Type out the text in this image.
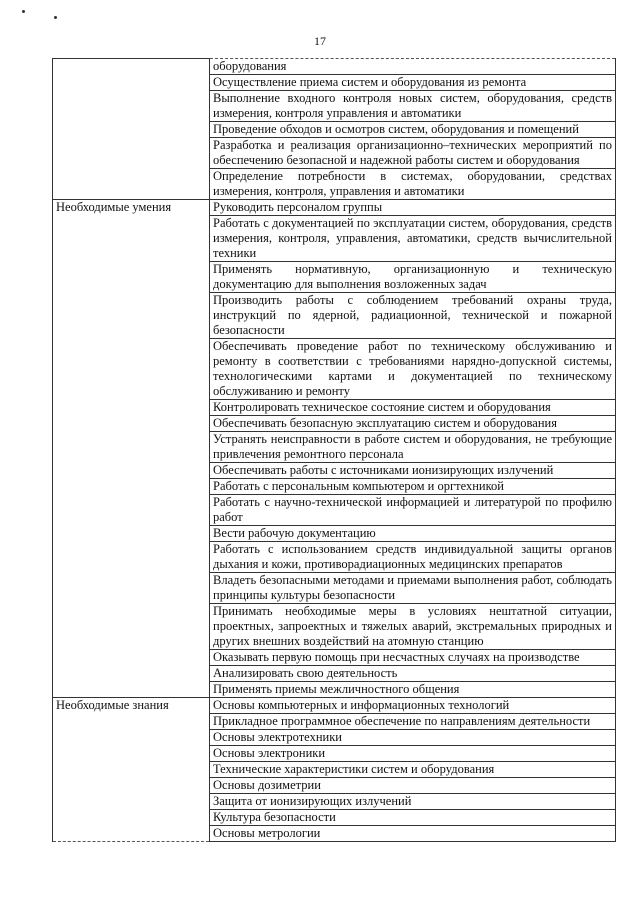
17
	оборудования
	Осуществление приема систем и оборудования из ремонта
	Выполнение входного контроля новых систем, оборудования, средств измерения, контроля управления и автоматики
	Проведение обходов и осмотров систем, оборудования и помещений
	Разработка и реализация организационно–технических мероприятий по обеспечению безопасной и надежной работы систем и оборудования
	Определение потребности в системах, оборудовании, средствах измерения, контроля, управления и автоматики
Необходимые умения	Руководить персоналом группы
	Работать с документацией по эксплуатации систем, оборудования, средств измерения, контроля, управления, автоматики, средств вычислительной техники
	Применять нормативную, организационную и техническую документацию для выполнения возложенных задач
	Производить работы с соблюдением требований охраны труда, инструкций по ядерной, радиационной, технической и пожарной безопасности
	Обеспечивать проведение работ по техническому обслуживанию и ремонту в соответствии с требованиями нарядно-допускной системы, технологическими картами и документацией по техническому обслуживанию и ремонту
	Контролировать техническое состояние систем и оборудования
	Обеспечивать безопасную эксплуатацию систем и оборудования
	Устранять неисправности в работе систем и оборудования, не требующие привлечения ремонтного персонала
	Обеспечивать работы с источниками ионизирующих излучений
	Работать с персональным компьютером и оргтехникой
	Работать с научно-технической информацией и литературой по профилю работ
	Вести рабочую документацию
	Работать с использованием средств индивидуальной защиты органов дыхания и кожи, противорадиационных медицинских препаратов
	Владеть безопасными методами и приемами выполнения работ, соблюдать принципы культуры безопасности
	Принимать необходимые меры в условиях нештатной ситуации, проектных, запроектных и тяжелых аварий, экстремальных природных и других внешних воздействий на атомную станцию
	Оказывать первую помощь при несчастных случаях на производстве
	Анализировать свою деятельность
	Применять приемы межличностного общения
Необходимые знания	Основы компьютерных и информационных технологий
	Прикладное программное обеспечение по направлениям деятельности
	Основы электротехники
	Основы электроники
	Технические характеристики систем и оборудования
	Основы дозиметрии
	Защита от ионизирующих излучений
	Культура безопасности
	Основы метрологии
